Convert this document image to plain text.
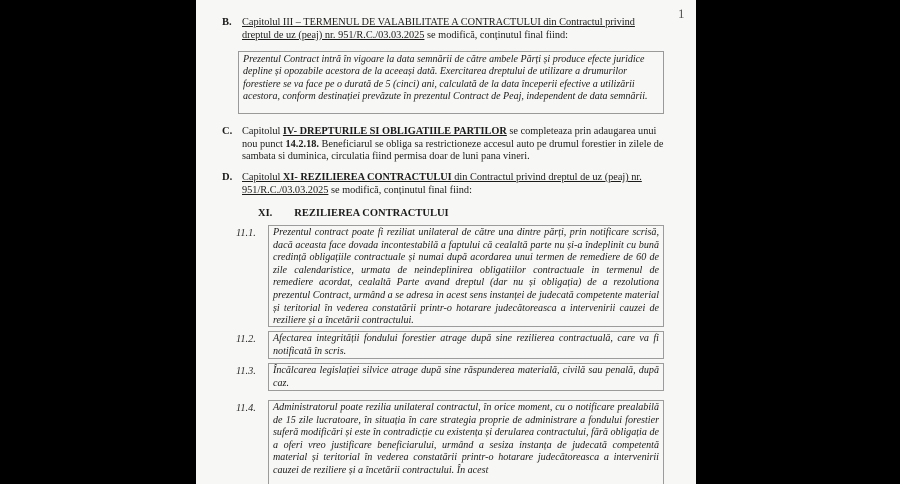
1
B. Capitolul III – TERMENUL DE VALABILITATE A CONTRACTULUI din Contractul privind dreptul de uz (peaj) nr. 951/R.C./03.03.2025 se modifică, conținutul final fiind:
Prezentul Contract intră în vigoare la data semnării de către ambele Părți și produce efecte juridice depline și opozabile acestora de la aceeași dată. Exercitarea dreptului de utilizare a drumurilor forestiere se va face pe o durată de 5 (cinci) ani, calculată de la data începerii efective a utilizării acestora, conform destinației prevăzute în prezentul Contract de Peaj, independent de data semnării.
C. Capitolul IV- DREPTURILE SI OBLIGATIILE PARTILOR se completeaza prin adaugarea unui nou punct 14.2.18. Beneficiarul se obliga sa restrictioneze accesul auto pe drumul forestier in zilele de sambata si duminica, circulatia fiind permisa doar de luni pana vineri.
D. Capitolul XI- REZILIEREA CONTRACTULUI din Contractul privind dreptul de uz (peaj) nr. 951/R.C./03.03.2025 se modifică, conținutul final fiind:
XI. REZILIEREA CONTRACTULUI
11.1.	Prezentul contract poate fi reziliat unilateral de către una dintre părți, prin notificare scrisă, dacă aceasta face dovada incontestabilă a faptului că cealaltă parte nu și-a îndeplinit cu bună credință obligațiile contractuale și numai după acordarea unui termen de remediere de 60 de zile calendaristice, urmata de neindeplinirea obligatiilor contractuale in termenul de remediere acordat, cealaltă Parte avand dreptul (dar nu și obligația) de a rezolutiona prezentul Contract, urmând a se adresa in acest sens instanței de judecată competente material și teritorial în vederea constatării printr-o hotarare judecătoreasca a intervenirii cauzei de reziliere și a încetării contractului.
11.2.	Afectarea integrității fondului forestier atrage după sine rezilierea contractuală, care va fi notificată în scris.
11.3.	Încălcarea legislației silvice atrage după sine răspunderea materială, civilă sau penală, după caz.
11.4.	Administratorul poate rezilia unilateral contractul, în orice moment, cu o notificare prealabilă de 15 zile lucratoare, în situația în care strategia proprie de administrare a fondului forestier suferă modificări și este în contradicție cu existența și derularea contractului, fără obligația de a oferi vreo justificare beneficiarului, urmând a sesiza instanța de judecată competentă material și teritorial în vederea constatării printr-o hotarare judecătoreasca a intervenirii cauzei de reziliere și a încetării contractului. În acest
